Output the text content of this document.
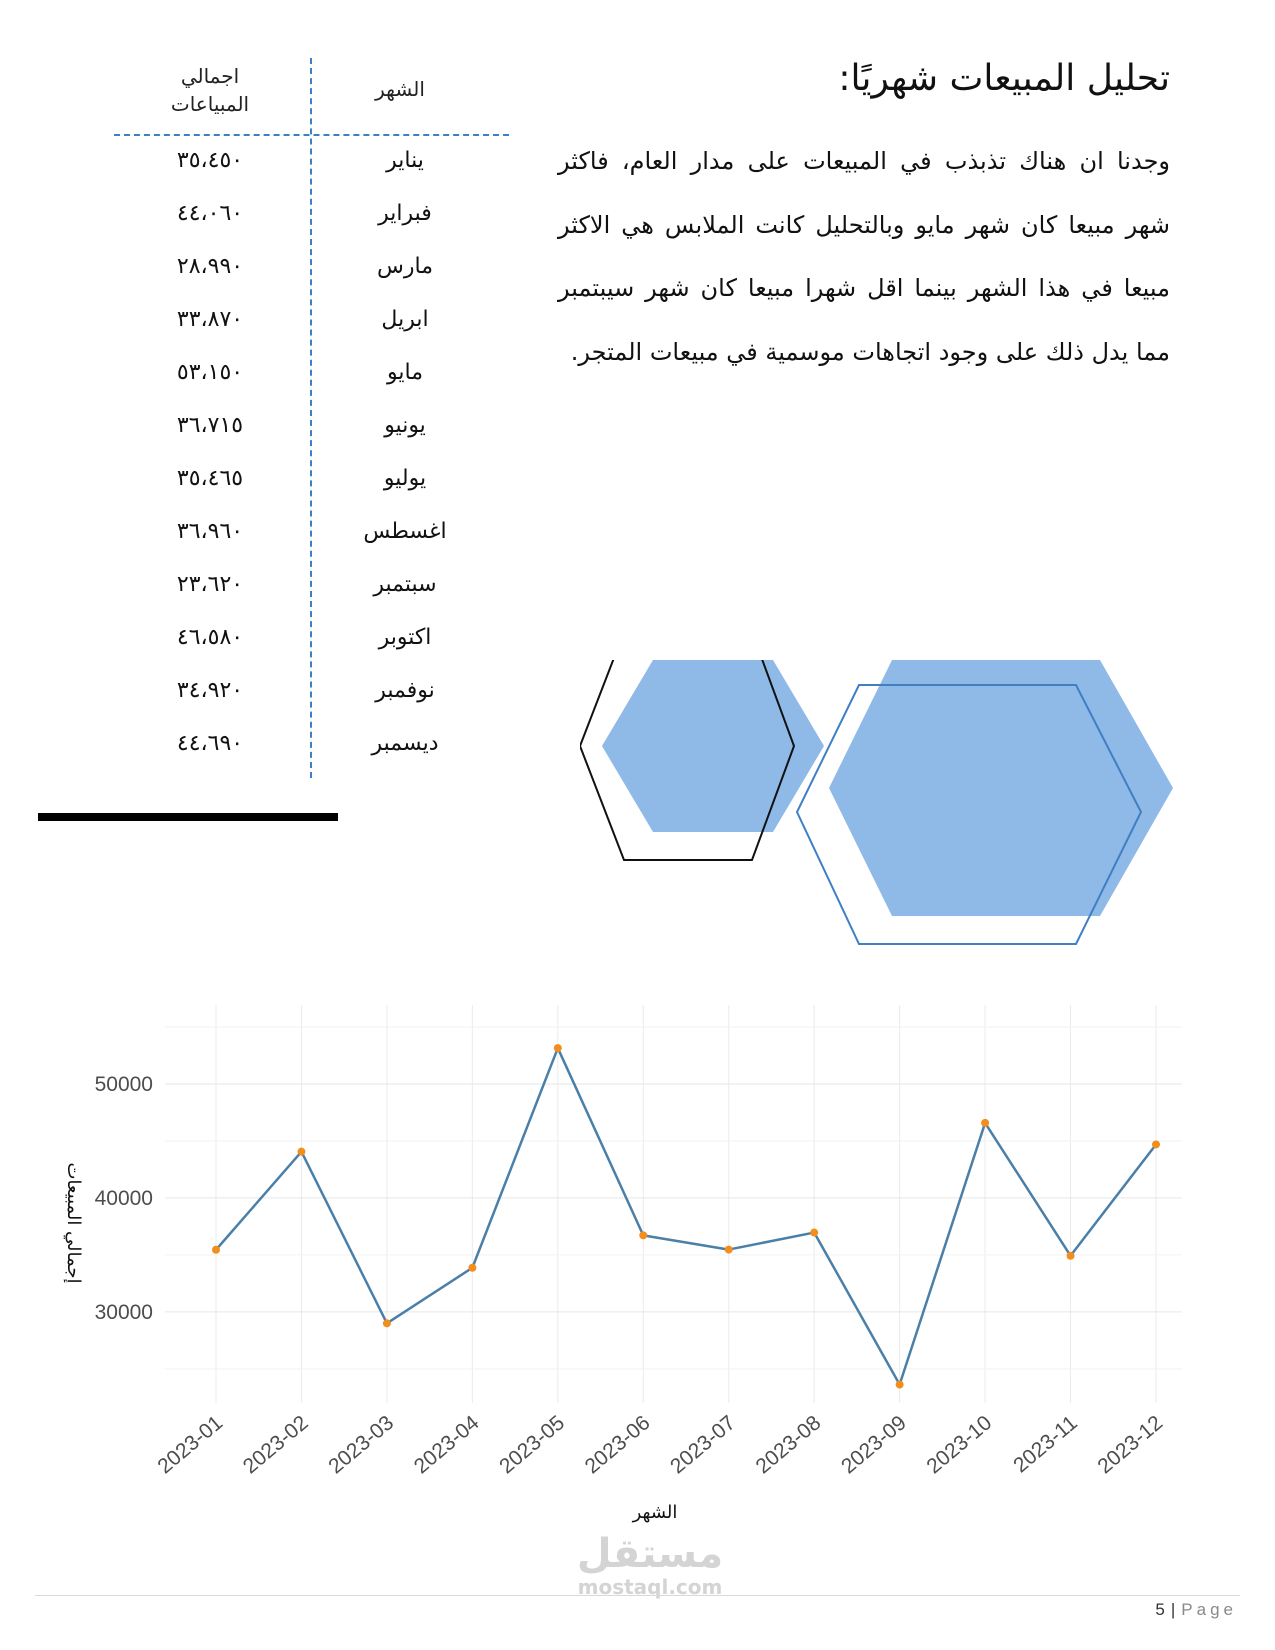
تحليل المبيعات شهريًا:

وجدنا ان هناك تذبذب في المبيعات على مدار العام، فاكثر شهر مبيعا كان شهر مايو وبالتحليل كانت الملابس هي الاكثر مبيعا في هذا الشهر بينما اقل شهرا مبيعا كان شهر سيبتمبر مما يدل ذلك على وجود اتجاهات موسمية في مبيعات المتجر.

الشهر
اجمالي
المبياعات
يناير
٣٥،٤٥٠
فبراير
٤٤،٠٦٠
مارس
٢٨،٩٩٠
ابريل
٣٣،٨٧٠
مايو
٥٣،١٥٠
يونيو
٣٦،٧١٥
يوليو
٣٥،٤٦٥
اغسطس
٣٦،٩٦٠
سبتمبر
٢٣،٦٢٠
اكتوبر
٤٦،٥٨٠
نوفمبر
٣٤،٩٢٠
ديسمبر
٤٤،٦٩٠
30000
40000
50000
2023-01 2023-02 2023-03 2023-04 2023-05 2023-06 2023-07 2023-08 2023-09 2023-10 2023-11 2023-12
إجمالي المبيعات
الشهر
مستقل
mostaql.com
5 | Page
